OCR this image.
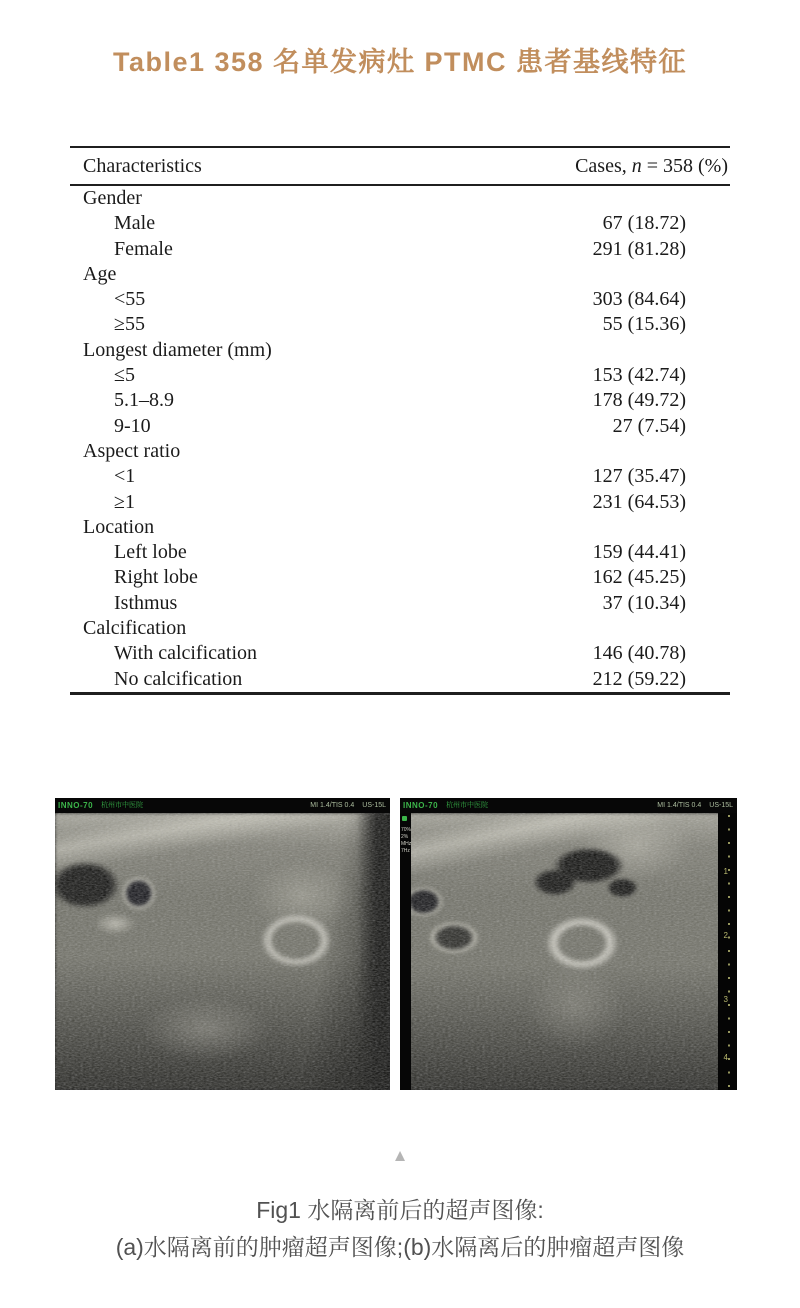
Table1 358 名单发病灶 PTMC 患者基线特征
Characteristics	Cases, n = 358 (%)
Gender
Male	67 (18.72)
Female	291 (81.28)
Age
<55	303 (84.64)
≥55	55 (15.36)
Longest diameter (mm)
≤5	153 (42.74)
5.1–8.9	178 (49.72)
9-10	27 (7.54)
Aspect ratio
<1	127 (35.47)
≥1	231 (64.53)
Location
Left lobe	159 (44.41)
Right lobe	162 (45.25)
Isthmus	37 (10.34)
Calcification
With calcification	146 (40.78)
No calcification	212 (59.22)
INNO-70	杭州市中医院	MI 1.4/TIS 0.4	US-15L	INNO-70	杭州市中医院	MI 1.4/TIS 0.4	US-15L
70%
2%
MHz
7Hz
1
2
3
4
▲
Fig1 水隔离前后的超声图像:
(a)水隔离前的肿瘤超声图像;(b)水隔离后的肿瘤超声图像
